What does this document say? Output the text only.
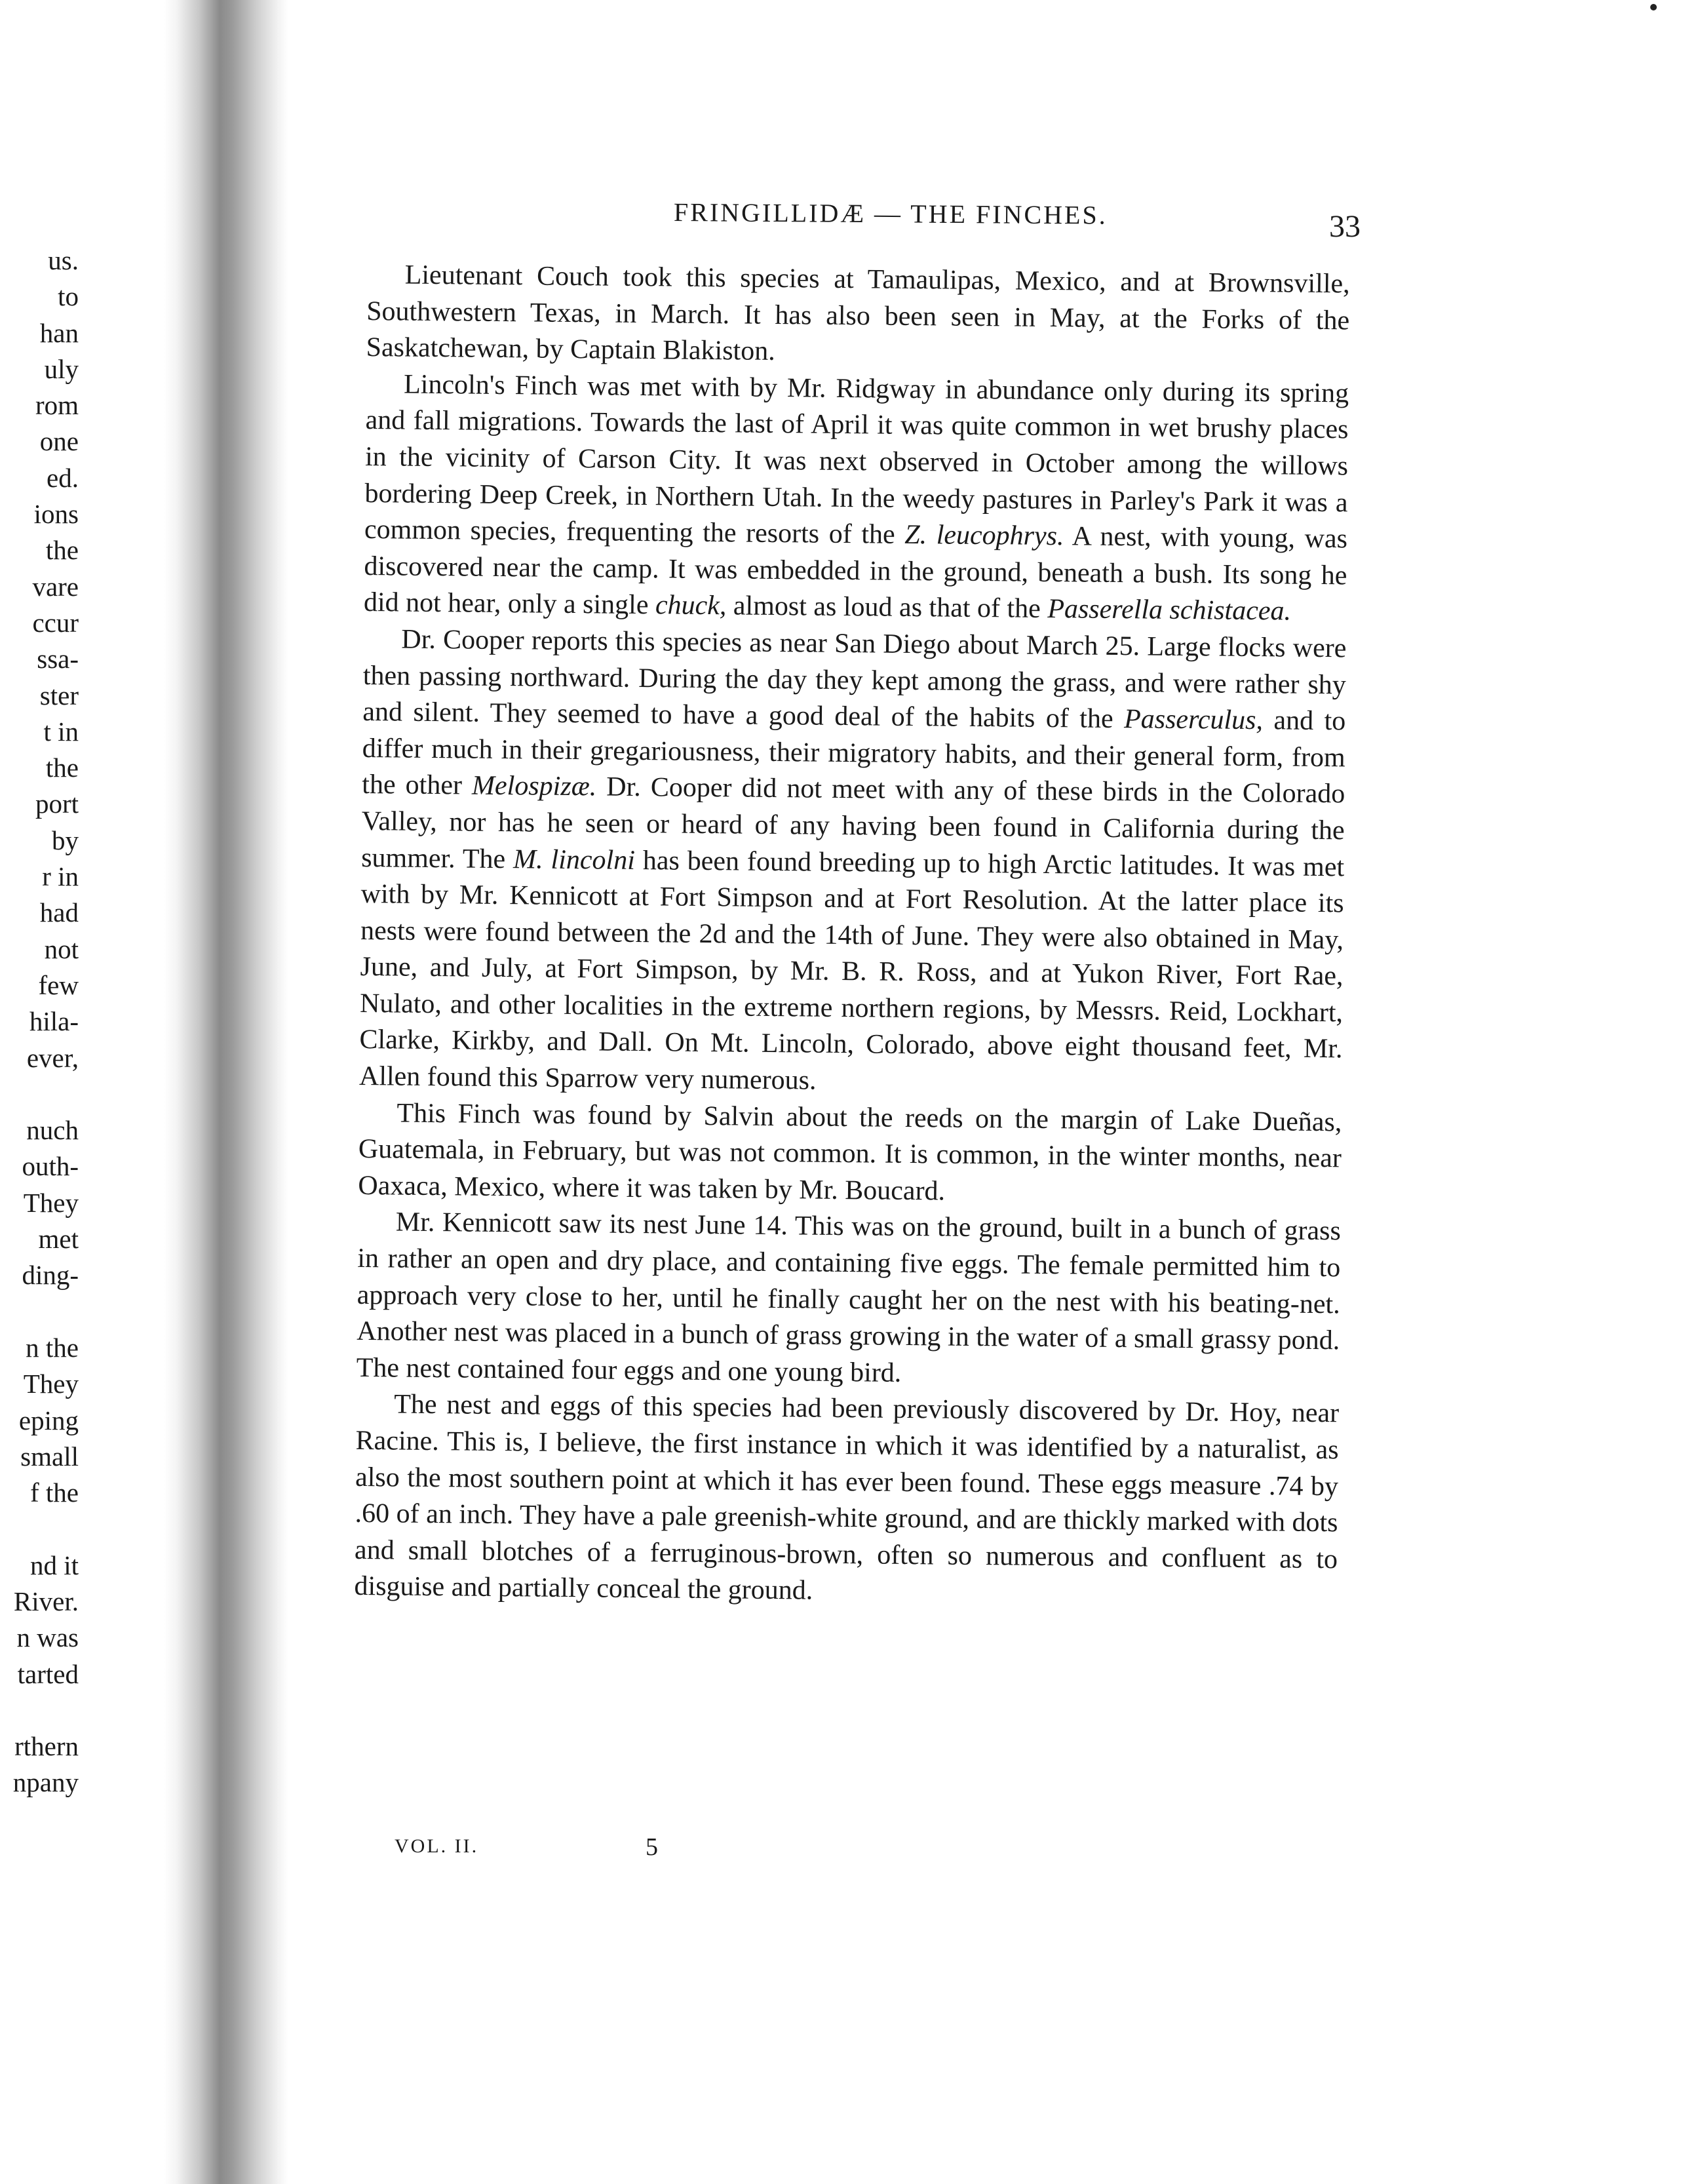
us.
to
han
uly
rom
one
ed.
ions
the
vare
ccur
ssa-
ster
t in
the
port
by
r in
had
not
few
hila-
ever,
nuch
outh-
They
met
ding-
n the
They
eping
small
f the
nd it
River.
n was
tarted
rthern
npany
FRINGILLIDÆ — THE FINCHES.	33

Lieutenant Couch took this species at Tamaulipas, Mexico, and at Brownsville, Southwestern Texas, in March. It has also been seen in May, at the Forks of the Saskatchewan, by Captain Blakiston.

Lincoln's Finch was met with by Mr. Ridgway in abundance only during its spring and fall migrations. Towards the last of April it was quite common in wet brushy places in the vicinity of Carson City. It was next observed in October among the willows bordering Deep Creek, in Northern Utah. In the weedy pastures in Parley's Park it was a common species, frequenting the resorts of the Z. leucophrys. A nest, with young, was discovered near the camp. It was embedded in the ground, beneath a bush. Its song he did not hear, only a single chuck, almost as loud as that of the Passerella schistacea.

Dr. Cooper reports this species as near San Diego about March 25. Large flocks were then passing northward. During the day they kept among the grass, and were rather shy and silent. They seemed to have a good deal of the habits of the Passerculus, and to differ much in their gregariousness, their migratory habits, and their general form, from the other Melospizæ. Dr. Cooper did not meet with any of these birds in the Colorado Valley, nor has he seen or heard of any having been found in California during the summer. The M. lincolni has been found breeding up to high Arctic latitudes. It was met with by Mr. Kennicott at Fort Simpson and at Fort Resolution. At the latter place its nests were found between the 2d and the 14th of June. They were also obtained in May, June, and July, at Fort Simpson, by Mr. B. R. Ross, and at Yukon River, Fort Rae, Nulato, and other localities in the extreme northern regions, by Messrs. Reid, Lockhart, Clarke, Kirkby, and Dall. On Mt. Lincoln, Colorado, above eight thousand feet, Mr. Allen found this Sparrow very numerous.

This Finch was found by Salvin about the reeds on the margin of Lake Dueñas, Guatemala, in February, but was not common. It is common, in the winter months, near Oaxaca, Mexico, where it was taken by Mr. Boucard.

Mr. Kennicott saw its nest June 14. This was on the ground, built in a bunch of grass in rather an open and dry place, and containing five eggs. The female permitted him to approach very close to her, until he finally caught her on the nest with his beating-net. Another nest was placed in a bunch of grass growing in the water of a small grassy pond. The nest contained four eggs and one young bird.

The nest and eggs of this species had been previously discovered by Dr. Hoy, near Racine. This is, I believe, the first instance in which it was identified by a naturalist, as also the most southern point at which it has ever been found. These eggs measure .74 by .60 of an inch. They have a pale greenish-white ground, and are thickly marked with dots and small blotches of a ferruginous-brown, often so numerous and confluent as to disguise and partially conceal the ground.

VOL. II.	5
